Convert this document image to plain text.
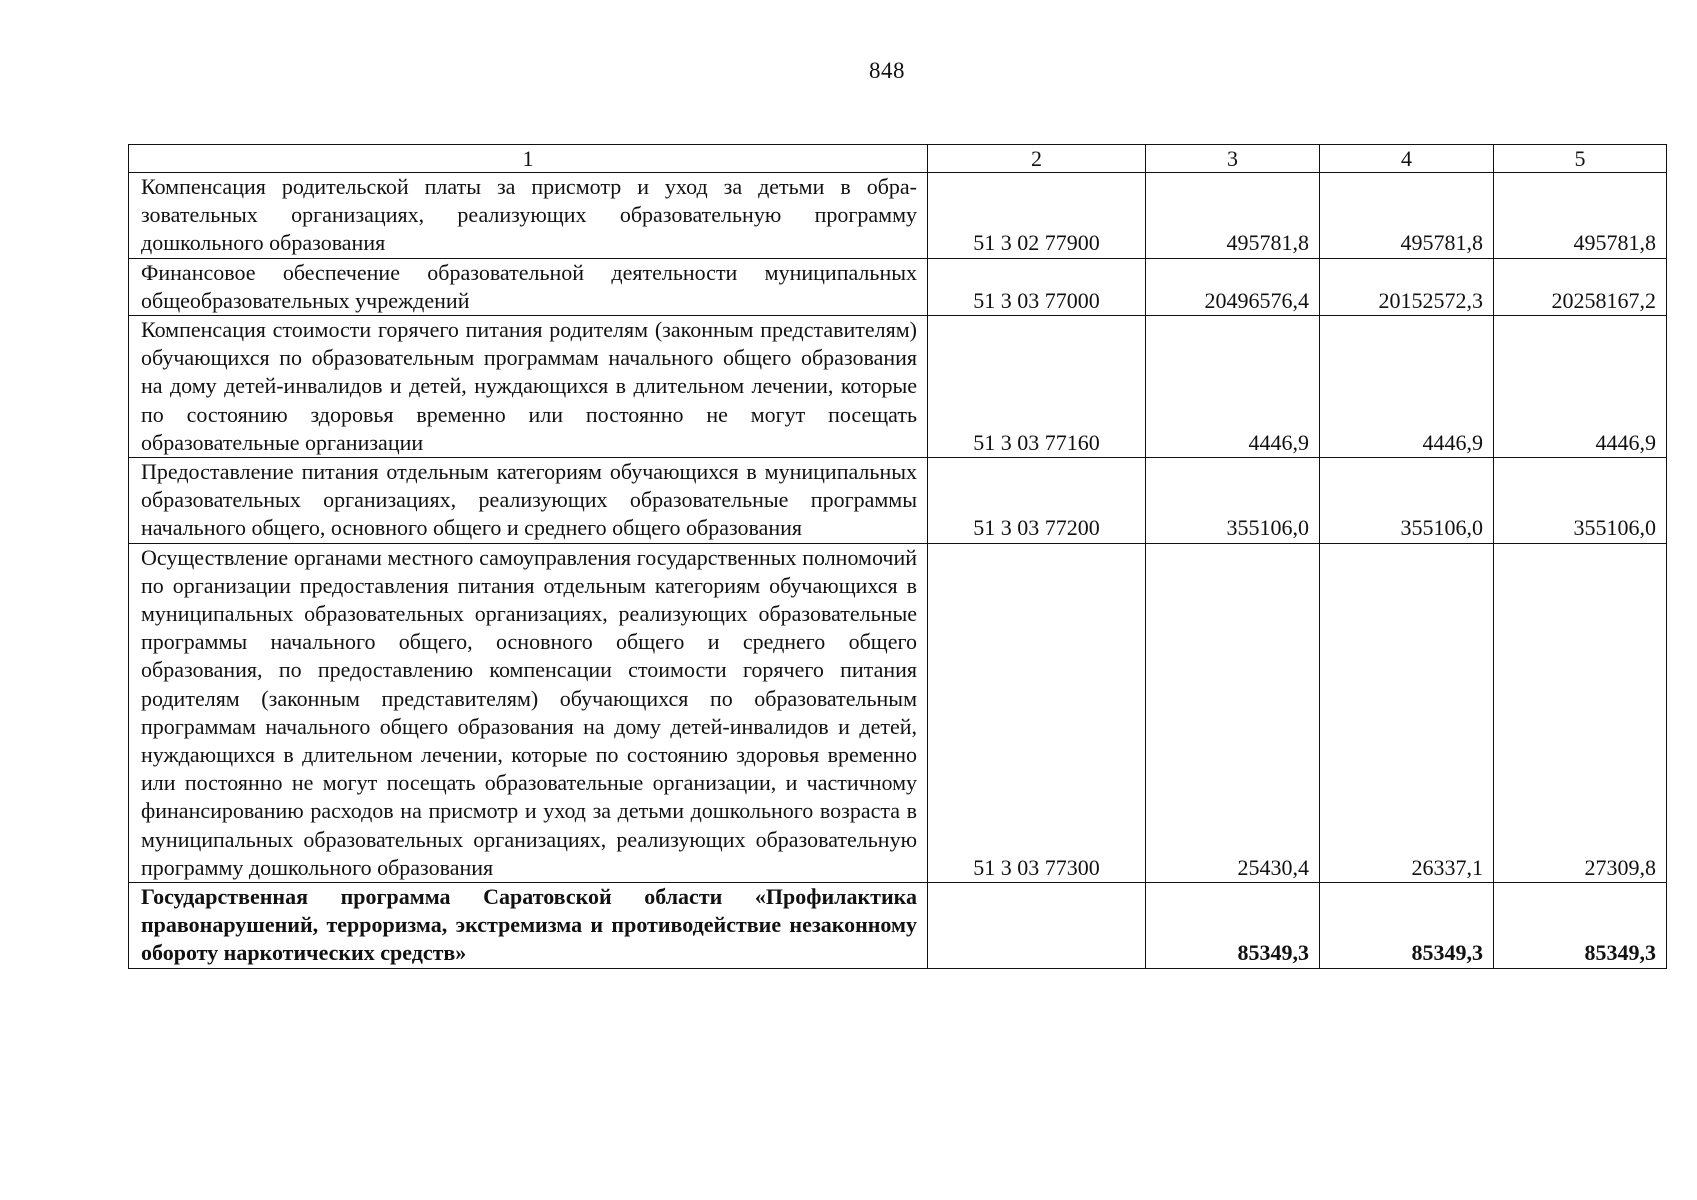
848
1	2	3	4	5
Компенсация родительской платы за присмотр и уход за детьми в образовательных организациях, реализующих образовательную программу дошкольного образования	51 3 02 77900	495781,8	495781,8	495781,8
Финансовое обеспечение образовательной деятельности муниципальных общеобразовательных учреждений	51 3 03 77000	20496576,4	20152572,3	20258167,2
Компенсация стоимости горячего питания родителям (законным представителям) обучающихся по образовательным программам начального общего образования на дому детей-инвалидов и детей, нуждающихся в длительном лечении, которые по состоянию здоровья временно или постоянно не могут посещать образовательные организации	51 3 03 77160	4446,9	4446,9	4446,9
Предоставление питания отдельным категориям обучающихся в муниципальных образовательных организациях, реализующих образовательные программы начального общего, основного общего и среднего общего образования	51 3 03 77200	355106,0	355106,0	355106,0
Осуществление органами местного самоуправления государственных полномочий по организации предоставления питания отдельным категориям обучающихся в муниципальных образовательных организациях, реализующих образовательные программы начального общего, основного общего и среднего общего образования, по предоставлению компенсации стоимости горячего питания родителям (законным представителям) обучающихся по образовательным программам начального общего образования на дому детей-инвалидов и детей, нуждающихся в длительном лечении, которые по состоянию здоровья временно или постоянно не могут посещать образовательные организации, и частичному финансированию расходов на присмотр и уход за детьми дошкольного возраста в муниципальных образовательных организациях, реализующих образовательную программу дошкольного образования	51 3 03 77300	25430,4	26337,1	27309,8
Государственная программа Саратовской области «Профилактика правонарушений, терроризма, экстремизма и противодействие незаконному обороту наркотических средств»		85349,3	85349,3	85349,3
